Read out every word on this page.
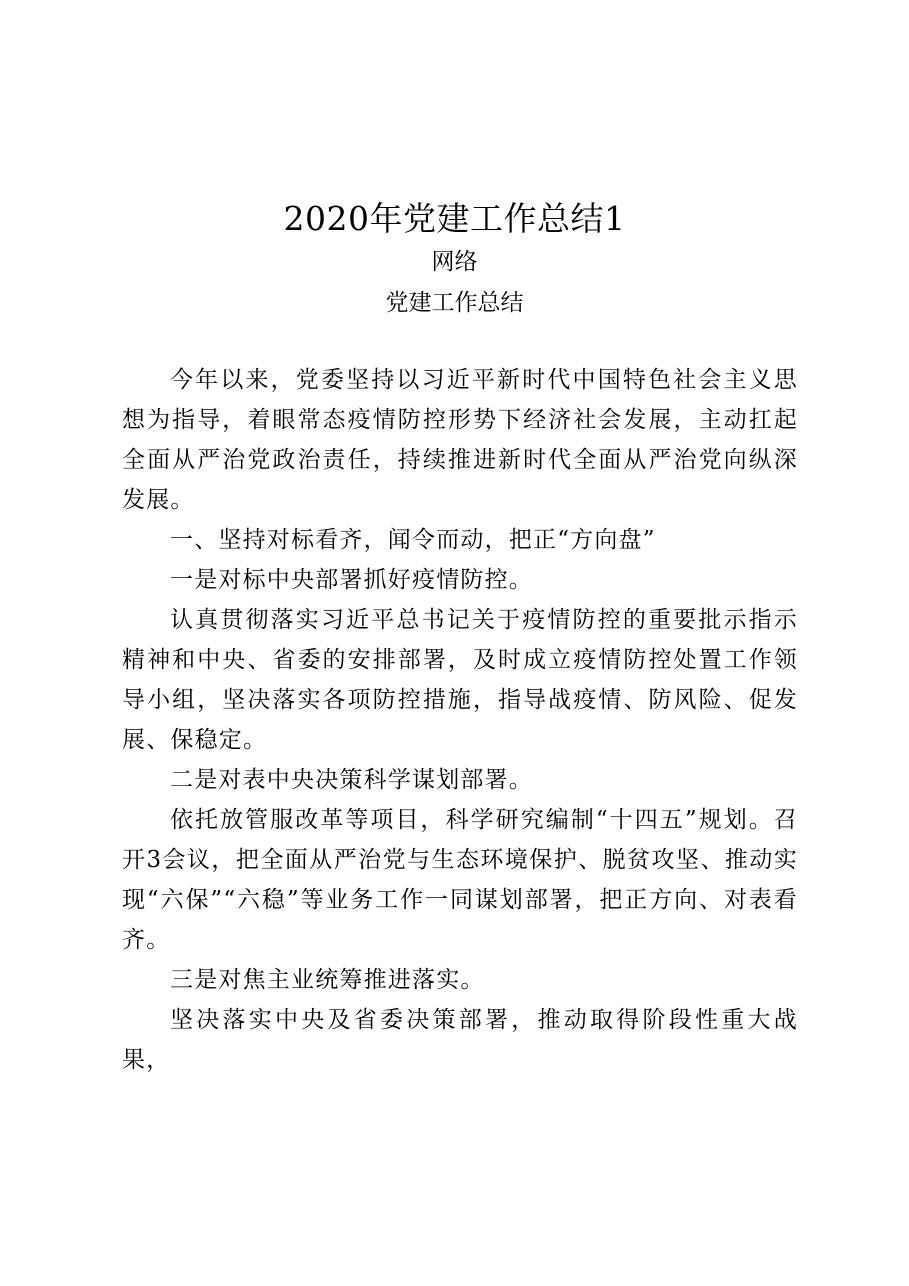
2020年党建工作总结1
网络
党建工作总结

今年以来，党委坚持以习近平新时代中国特色社会主义思想为指导，着眼常态疫情防控形势下经济社会发展，主动扛起全面从严治党政治责任，持续推进新时代全面从严治党向纵深发展。

一、坚持对标看齐，闻令而动，把正“方向盘”

一是对标中央部署抓好疫情防控。

认真贯彻落实习近平总书记关于疫情防控的重要批示指示精神和中央、省委的安排部署，及时成立疫情防控处置工作领导小组，坚决落实各项防控措施，指导战疫情、防风险、促发展、保稳定。

二是对表中央决策科学谋划部署。

依托放管服改革等项目，科学研究编制“十四五”规划。召开3会议，把全面从严治党与生态环境保护、脱贫攻坚、推动实现“六保”“六稳”等业务工作一同谋划部署，把正方向、对表看齐。

三是对焦主业统筹推进落实。

坚决落实中央及省委决策部署，推动取得阶段性重大战果，
